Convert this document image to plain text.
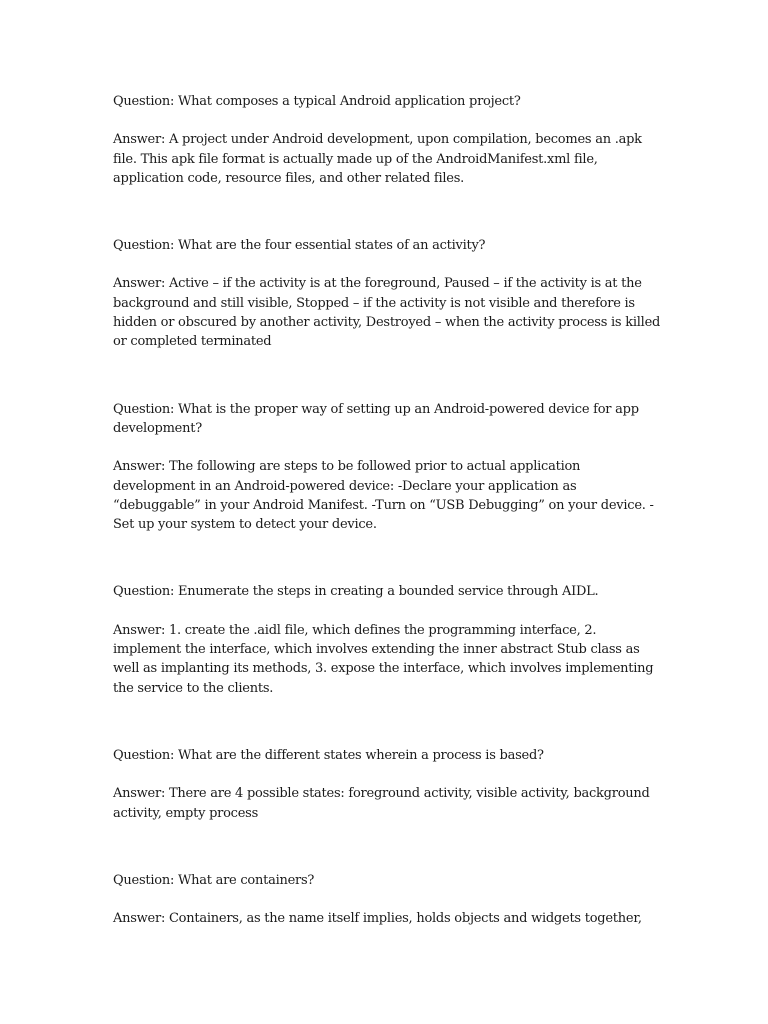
Question: What composes a typical Android application project?

Answer: A project under Android development, upon compilation, becomes an .apk file. This apk file format is actually made up of the AndroidManifest.xml file, application code, resource files, and other related files.

Question: What are the four essential states of an activity?

Answer: Active – if the activity is at the foreground, Paused – if the activity is at the background and still visible, Stopped – if the activity is not visible and therefore is hidden or obscured by another activity, Destroyed – when the activity process is killed or completed terminated

Question: What is the proper way of setting up an Android-powered device for app development?

Answer: The following are steps to be followed prior to actual application development in an Android-powered device: -Declare your application as “debuggable” in your Android Manifest. -Turn on “USB Debugging” on your device. -Set up your system to detect your device.

Question: Enumerate the steps in creating a bounded service through AIDL.

Answer: 1. create the .aidl file, which defines the programming interface, 2. implement the interface, which involves extending the inner abstract Stub class as well as implanting its methods, 3. expose the interface, which involves implementing the service to the clients.

Question: What are the different states wherein a process is based?

Answer: There are 4 possible states: foreground activity, visible activity, background activity, empty process

Question: What are containers?

Answer: Containers, as the name itself implies, holds objects and widgets together,
